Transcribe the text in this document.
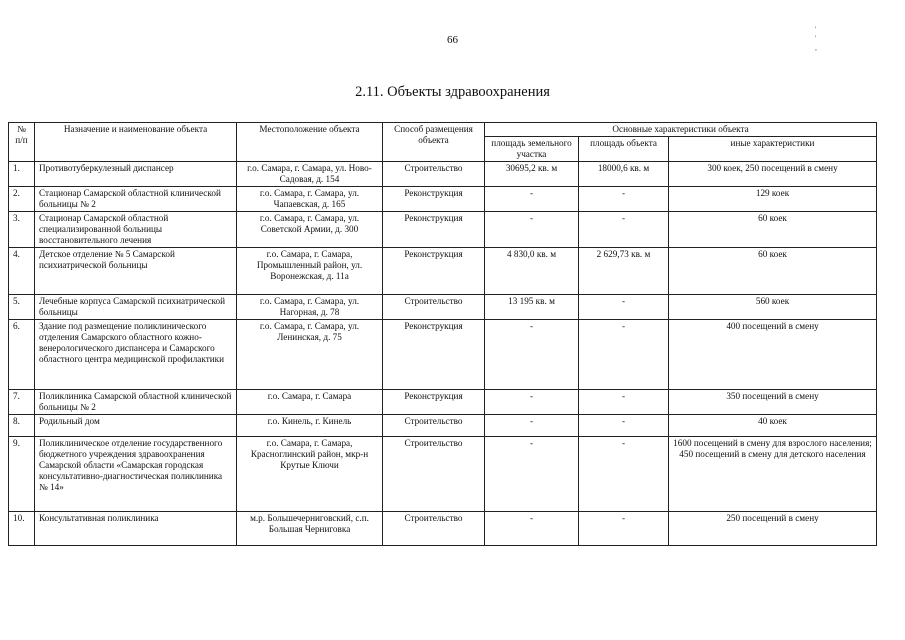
66
' ' ,
2.11. Объекты здравоохранения
№ п/п	Назначение и наименование объекта	Местоположение объекта	Способ размещения объекта	Основные характеристики объекта		
				площадь земельного участка	площадь объекта	иные характеристики
1.	Противотуберкулезный диспансер	г.о. Самара, г. Самара, ул. Ново-Садовая, д. 154	Строительство	30695,2 кв. м	18000,6 кв. м	300 коек, 250 посещений в смену
2.	Стационар Самарской областной клинической больницы № 2	г.о. Самара, г. Самара, ул. Чапаевская, д. 165	Реконструкция	-	-	129 коек
3.	Стационар Самарской областной специализированной больницы восстановительного лечения	г.о. Самара, г. Самара, ул. Советской Армии, д. 300	Реконструкция	-	-	60 коек
4.	Детское отделение № 5 Самарской психиатрической больницы	г.о. Самара, г. Самара, Промышленный район, ул. Воронежская, д. 11а	Реконструкция	4 830,0 кв. м	2 629,73 кв. м	60 коек
5.	Лечебные корпуса Самарской психиатрической больницы	г.о. Самара, г. Самара, ул. Нагорная, д. 78	Строительство	13 195 кв. м	-	560 коек
6.	Здание под размещение поликлинического отделения Самарского областного кожно-венерологического диспансера и Самарского областного центра медицинской профилактики	г.о. Самара, г. Самара, ул. Ленинская, д. 75	Реконструкция	-	-	400 посещений в смену
7.	Поликлиника Самарской областной клинической больницы № 2	г.о. Самара, г. Самара	Реконструкция	-	-	350 посещений в смену
8.	Родильный дом	г.о. Кинель, г. Кинель	Строительство	-	-	40 коек
9.	Поликлиническое отделение государственного бюджетного учреждения здравоохранения Самарской области «Самарская городская консультативно-диагностическая поликлиника № 14»	г.о. Самара, г. Самара, Красноглинский район, мкр-н Крутые Ключи	Строительство	-	-	1600 посещений в смену для взрослого населения; 450 посещений в смену для детского населения
10.	Консультативная поликлиника	м.р. Большечерниговский, с.п. Большая Черниговка	Строительство	-	-	250 посещений в смену
